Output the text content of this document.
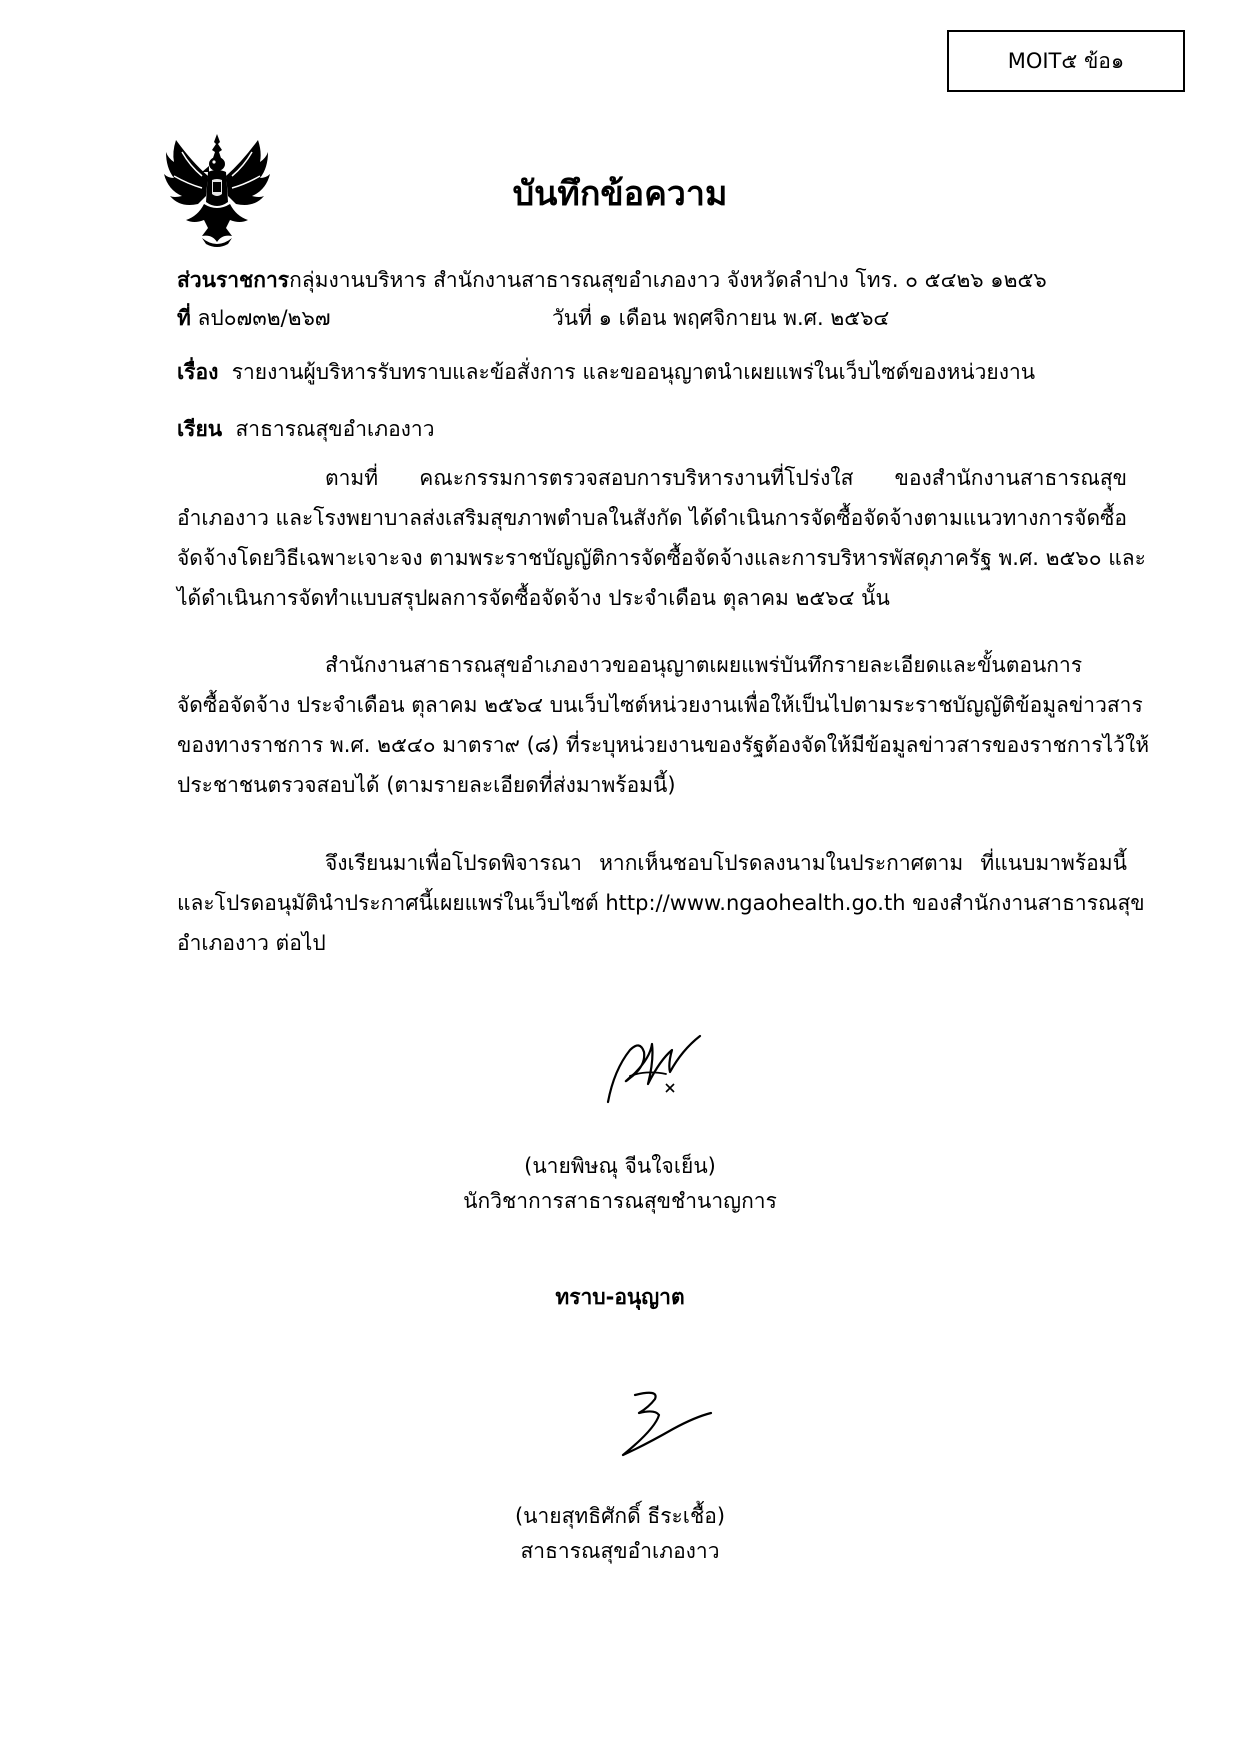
MOIT๕ ข้อ๑
บันทึกข้อความ
ส่วนราชการกลุ่มงานบริหาร สำนักงานสาธารณสุขอำเภองาว จังหวัดลำปาง โทร. ๐ ๕๔๒๖ ๑๒๕๖
ที่ ลป๐๗๓๒/๒๖๗	วันที่ ๑ เดือน พฤศจิกายน พ.ศ. ๒๕๖๔
เรื่อง รายงานผู้บริหารรับทราบและข้อสั่งการ และขออนุญาตนำเผยแพร่ในเว็บไซต์ของหน่วยงาน
เรียน สาธารณสุขอำเภองาว
ตามที่ คณะกรรมการตรวจสอบการบริหารงานที่โปร่งใส ของสำนักงานสาธารณสุข
อำเภองาว และโรงพยาบาลส่งเสริมสุขภาพตำบลในสังกัด ได้ดำเนินการจัดซื้อจัดจ้างตามแนวทางการจัดซื้อ
จัดจ้างโดยวิธีเฉพาะเจาะจง ตามพระราชบัญญัติการจัดซื้อจัดจ้างและการบริหารพัสดุภาครัฐ พ.ศ. ๒๕๖๐ และ
ได้ดำเนินการจัดทำแบบสรุปผลการจัดซื้อจัดจ้าง ประจำเดือน ตุลาคม ๒๕๖๔ นั้น
สำนักงานสาธารณสุขอำเภองาวขออนุญาตเผยแพร่บันทึกรายละเอียดและขั้นตอนการ
จัดซื้อจัดจ้าง ประจำเดือน ตุลาคม ๒๕๖๔ บนเว็บไซต์หน่วยงานเพื่อให้เป็นไปตามระราชบัญญัติข้อมูลข่าวสาร
ของทางราชการ พ.ศ. ๒๕๔๐ มาตรา๙ (๘) ที่ระบุหน่วยงานของรัฐต้องจัดให้มีข้อมูลข่าวสารของราชการไว้ให้
ประชาชนตรวจสอบได้ (ตามรายละเอียดที่ส่งมาพร้อมนี้)
จึงเรียนมาเพื่อโปรดพิจารณา หากเห็นชอบโปรดลงนามในประกาศตาม ที่แนบมาพร้อมนี้
และโปรดอนุมัตินำประกาศนี้เผยแพร่ในเว็บไซต์ http://www.ngaohealth.go.th ของสำนักงานสาธารณสุข
อำเภองาว ต่อไป
(นายพิษณุ จีนใจเย็น)
นักวิชาการสาธารณสุขชำนาญการ
ทราบ-อนุญาต
(นายสุทธิศักดิ์ ธีระเชื้อ)
สาธารณสุขอำเภองาว
